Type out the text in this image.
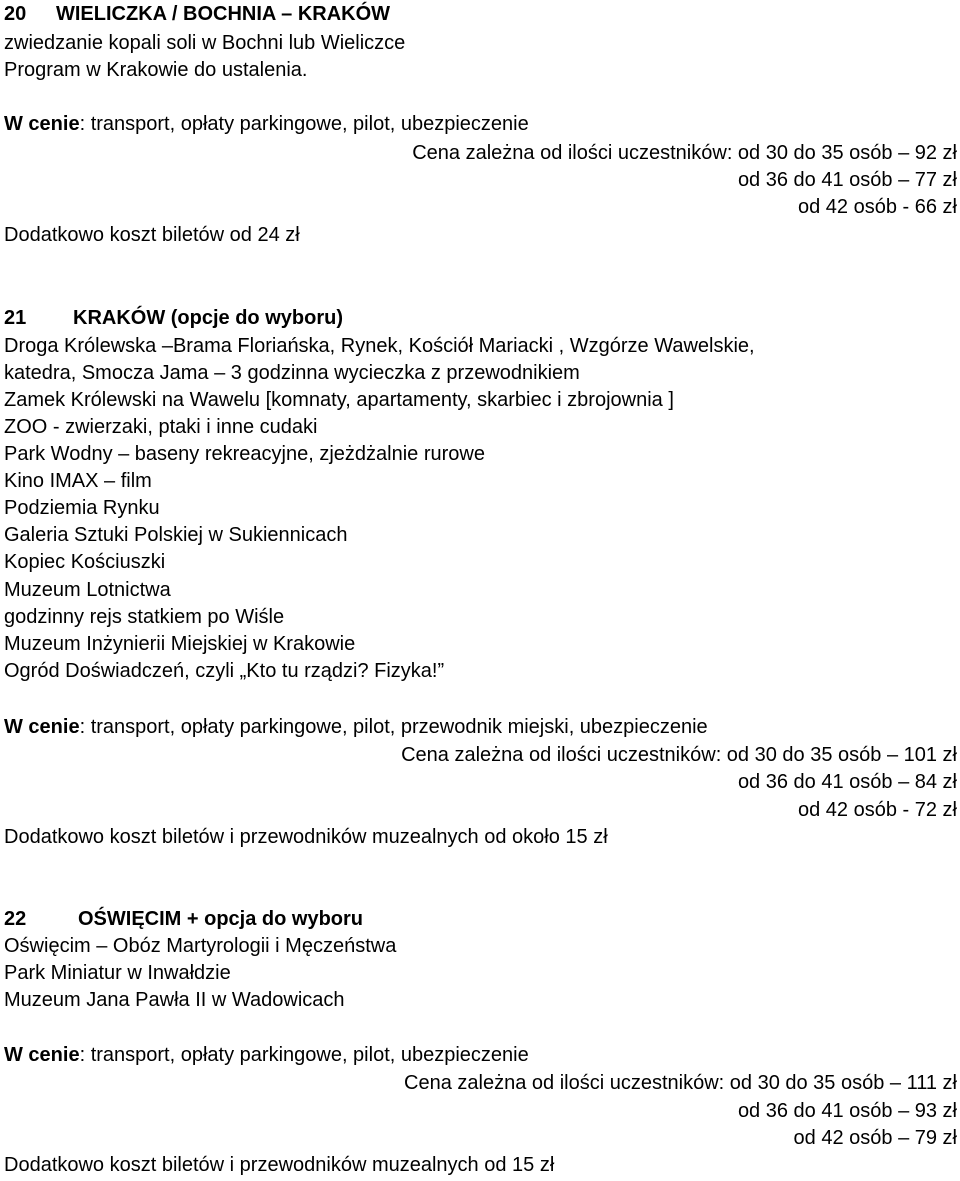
20 WIELICZKA / BOCHNIA – KRAKÓW
zwiedzanie kopali soli w Bochni lub Wieliczce
Program w Krakowie do ustalenia.
W cenie: transport, opłaty parkingowe, pilot, ubezpieczenie
Cena zależna od ilości uczestników: od 30 do 35 osób – 92 zł
od 36 do 41 osób – 77 zł
od 42 osób - 66 zł
Dodatkowo koszt biletów od 24 zł
21 KRAKÓW (opcje do wyboru)
Droga Królewska –Brama Floriańska, Rynek, Kościół Mariacki , Wzgórze Wawelskie,
katedra, Smocza Jama – 3 godzinna wycieczka z przewodnikiem
Zamek Królewski na Wawelu [komnaty, apartamenty, skarbiec i zbrojownia ]
ZOO - zwierzaki, ptaki i inne cudaki
Park Wodny – baseny rekreacyjne, zjeżdżalnie rurowe
Kino IMAX – film
Podziemia Rynku
Galeria Sztuki Polskiej w Sukiennicach
Kopiec Kościuszki
Muzeum Lotnictwa
godzinny rejs statkiem po Wiśle
Muzeum Inżynierii Miejskiej w Krakowie
Ogród Doświadczeń, czyli „Kto tu rządzi? Fizyka!”
W cenie: transport, opłaty parkingowe, pilot, przewodnik miejski, ubezpieczenie
Cena zależna od ilości uczestników: od 30 do 35 osób – 101 zł
od 36 do 41 osób – 84 zł
od 42 osób - 72 zł
Dodatkowo koszt biletów i przewodników muzealnych od około 15 zł
22	OŚWIĘCIM + opcja do wyboru
Oświęcim – Obóz Martyrologii i Męczeństwa
Park Miniatur w Inwałdzie
Muzeum Jana Pawła II w Wadowicach
W cenie: transport, opłaty parkingowe, pilot, ubezpieczenie
Cena zależna od ilości uczestników: od 30 do 35 osób – 111 zł
od 36 do 41 osób – 93 zł
od 42 osób – 79 zł
Dodatkowo koszt biletów i przewodników muzealnych od 15 zł
